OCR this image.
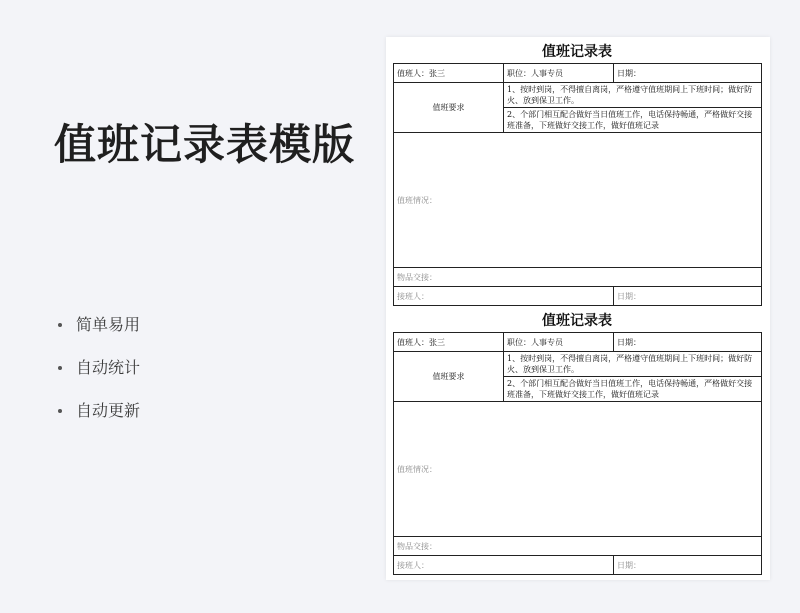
值班记录表模版
简单易用
自动统计
自动更新
值班记录表
值班人：张三	职位：人事专员	日期：
值班要求	1、按时到岗，不得擅自离岗，严格遵守值班期间上下班时间；做好防火、放到保卫工作。	
	2、个部门相互配合做好当日值班工作，电话保持畅通，严格做好交接班准备，下班做好交接工作，做好值班记录	
值班情况：		
物品交接：		
接班人：		日期：
值班记录表
值班人：张三	职位：人事专员	日期：
值班要求	1、按时到岗，不得擅自离岗，严格遵守值班期间上下班时间；做好防火、放到保卫工作。	
	2、个部门相互配合做好当日值班工作，电话保持畅通，严格做好交接班准备，下班做好交接工作，做好值班记录	
值班情况：		
物品交接：		
接班人：		日期：
